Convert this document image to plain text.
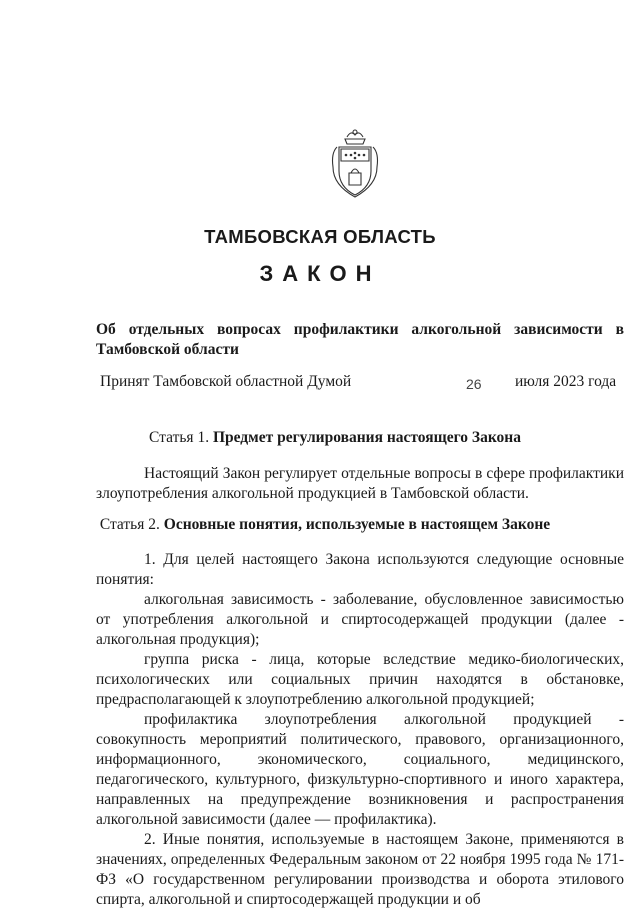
ТАМБОВСКАЯ ОБЛАСТЬ
ЗАКОН
Об отдельных вопросах профилактики алкогольной зависимости в Тамбовской области
Принят Тамбовской областной Думой	26 июля 2023 года
Статья 1. Предмет регулирования настоящего Закона

Настоящий Закон регулирует отдельные вопросы в сфере профилактики злоупотребления алкогольной продукцией в Тамбовской области.

Статья 2. Основные понятия, используемые в настоящем Законе

1. Для целей настоящего Закона используются следующие основные понятия:

алкогольная зависимость - заболевание, обусловленное зависимостью от употребления алкогольной и спиртосодержащей продукции (далее - алкогольная продукция);

группа риска - лица, которые вследствие медико-биологических, психологических или социальных причин находятся в обстановке, предрасполагающей к злоупотреблению алкогольной продукцией;

профилактика злоупотребления алкогольной продукцией - совокупность мероприятий политического, правового, организационного, информационного, экономического, социального, медицинского, педагогического, культурного, физкультурно-спортивного и иного характера, направленных на предупреждение возникновения и распространения алкогольной зависимости (далее — профилактика).

2. Иные понятия, используемые в настоящем Законе, применяются в значениях, определенных Федеральным законом от 22 ноября 1995 года № 171-ФЗ «О государственном регулировании производства и оборота этилового спирта, алкогольной и спиртосодержащей продукции и об
